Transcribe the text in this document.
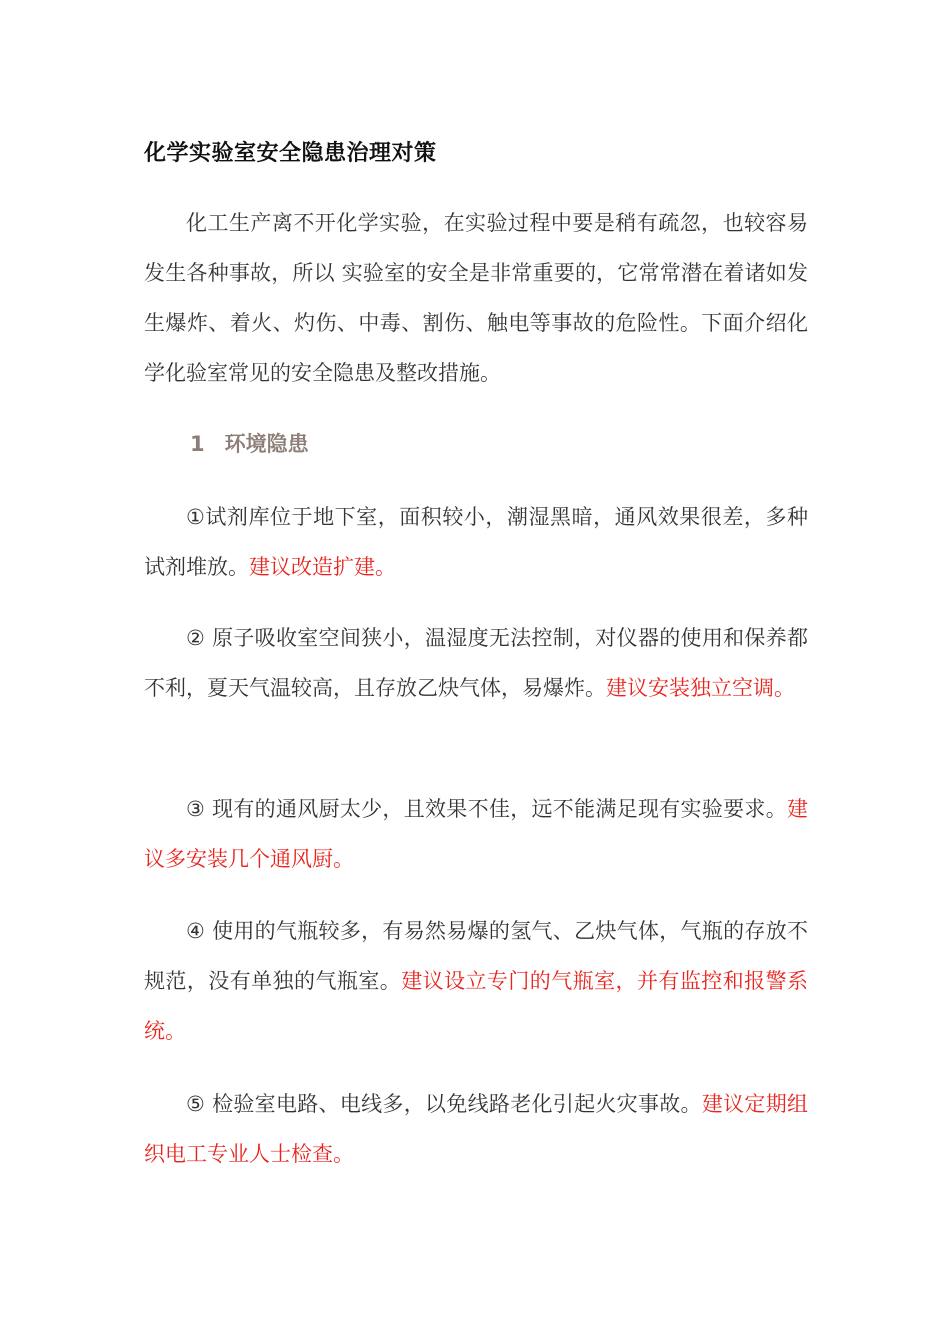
化学实验室安全隐患治理对策

化工生产离不开化学实验，在实验过程中要是稍有疏忽，也较容易发生各种事故，所以 实验室的安全是非常重要的，它常常潜在着诸如发生爆炸、着火、灼伤、中毒、割伤、触电等事故的危险性。下面介绍化学化验室常见的安全隐患及整改措施。

1 环境隐患

①试剂库位于地下室，面积较小，潮湿黑暗，通风效果很差，多种试剂堆放。建议改造扩建。

② 原子吸收室空间狭小，温湿度无法控制，对仪器的使用和保养都不利，夏天气温较高，且存放乙炔气体，易爆炸。建议安装独立空调。

③ 现有的通风厨太少，且效果不佳，远不能满足现有实验要求。建议多安装几个通风厨。

④ 使用的气瓶较多，有易然易爆的氢气、乙炔气体，气瓶的存放不规范，没有单独的气瓶室。建议设立专门的气瓶室，并有监控和报警系统。

⑤ 检验室电路、电线多，以免线路老化引起火灾事故。建议定期组织电工专业人士检查。
